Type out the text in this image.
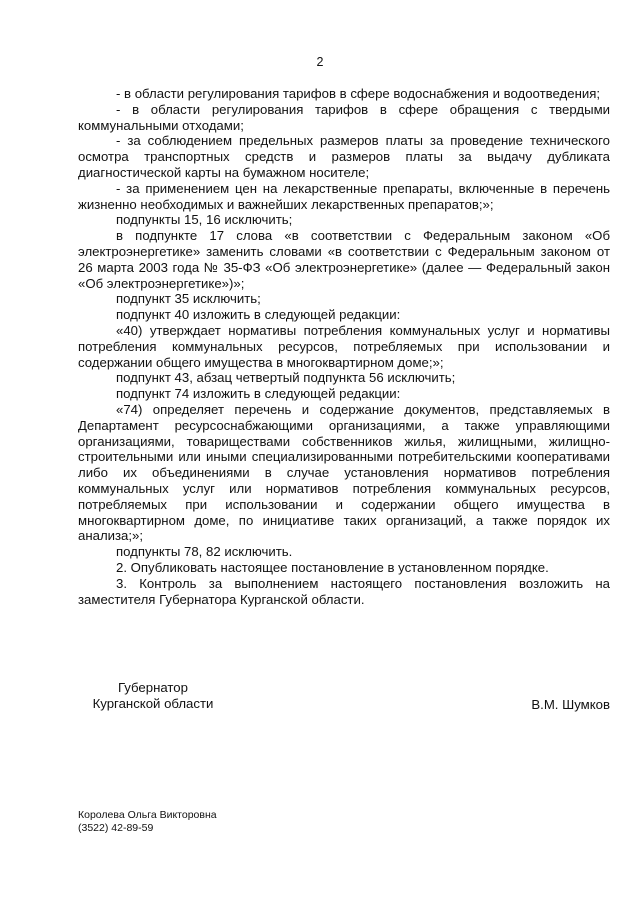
2

- в области регулирования тарифов в сфере водоснабжения и водоотведения;

- в области регулирования тарифов в сфере обращения с твердыми коммунальными отходами;

- за соблюдением предельных размеров платы за проведение технического осмотра транспортных средств и размеров платы за выдачу дубликата диагностической карты на бумажном носителе;

- за применением цен на лекарственные препараты, включенные в перечень жизненно необходимых и важнейших лекарственных препаратов;»;

подпункты 15, 16 исключить;

в подпункте 17 слова «в соответствии с Федеральным законом «Об электроэнергетике» заменить словами «в соответствии с Федеральным законом от 26 марта 2003 года № 35-ФЗ «Об электроэнергетике» (далее — Федеральный закон «Об электроэнергетике»)»;

подпункт 35 исключить;

подпункт 40 изложить в следующей редакции:

«40) утверждает нормативы потребления коммунальных услуг и нормативы потребления коммунальных ресурсов, потребляемых при использовании и содержании общего имущества в многоквартирном доме;»;

подпункт 43, абзац четвертый подпункта 56 исключить;

подпункт 74 изложить в следующей редакции:

«74) определяет перечень и содержание документов, представляемых в Департамент ресурсоснабжающими организациями, а также управляющими организациями, товариществами собственников жилья, жилищными, жилищно-строительными или иными специализированными потребительскими кооперативами либо их объединениями в случае установления нормативов потребления коммунальных услуг или нормативов потребления коммунальных ресурсов, потребляемых при использовании и содержании общего имущества в многоквартирном доме, по инициативе таких организаций, а также порядок их анализа;»;

подпункты 78, 82 исключить.

2. Опубликовать настоящее постановление в установленном порядке.

3. Контроль за выполнением настоящего постановления возложить на заместителя Губернатора Курганской области.

Губернатор
Курганской области	В.М. Шумков
Королева Ольга Викторовна
(3522) 42-89-59
